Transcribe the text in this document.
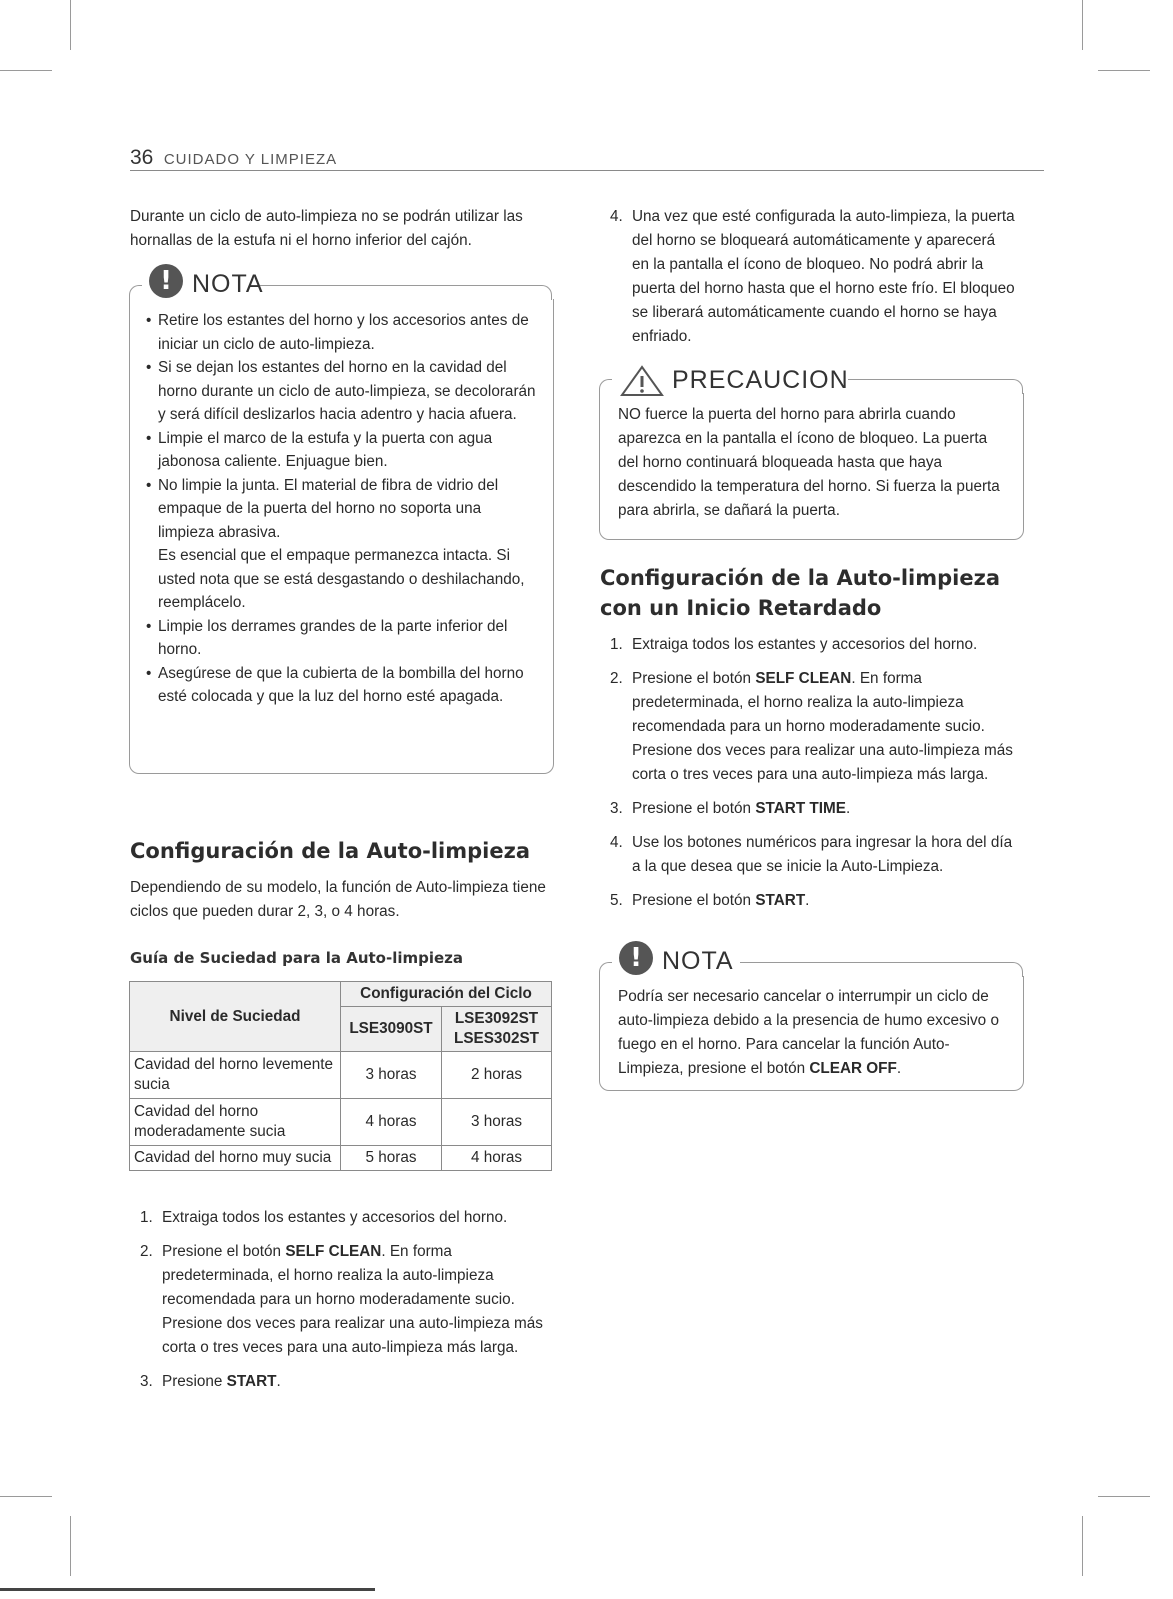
36 CUIDADO Y LIMPIEZA

Durante un ciclo de auto-limpieza no se podrán utilizar las hornallas de la estufa ni el horno inferior del cajón.

! NOTA
• Retire los estantes del horno y los accesorios antes de iniciar un ciclo de auto-limpieza.
• Si se dejan los estantes del horno en la cavidad del horno durante un ciclo de auto-limpieza, se decolorarán y será difícil deslizarlos hacia adentro y hacia afuera.
• Limpie el marco de la estufa y la puerta con agua jabonosa caliente. Enjuague bien.
• No limpie la junta. El material de fibra de vidrio del empaque de la puerta del horno no soporta una limpieza abrasiva.
Es esencial que el empaque permanezca intacta. Si usted nota que se está desgastando o deshilachando, reemplácelo.
• Limpie los derrames grandes de la parte inferior del horno.
• Asegúrese de que la cubierta de la bombilla del horno esté colocada y que la luz del horno esté apagada.
Configuración de la Auto-limpieza

Dependiendo de su modelo, la función de Auto-limpieza tiene ciclos que pueden durar 2, 3, o 4 horas.

Guía de Suciedad para la Auto-limpieza
Nivel de Suciedad	Configuración del Ciclo	
	LSE3090ST	LSE3092ST
LSES302ST

Cavidad del horno levemente sucia	3 horas	2 horas
Cavidad del horno moderadamente sucia	4 horas	3 horas
Cavidad del horno muy sucia	5 horas	4 horas
1. Extraiga todos los estantes y accesorios del horno.
2. Presione el botón SELF CLEAN. En forma predeterminada, el horno realiza la auto-limpieza recomendada para un horno moderadamente sucio. Presione dos veces para realizar una auto-limpieza más corta o tres veces para una auto-limpieza más larga.
3. Presione START.
4. Una vez que esté configurada la auto-limpieza, la puerta del horno se bloqueará automáticamente y aparecerá en la pantalla el ícono de bloqueo. No podrá abrir la puerta del horno hasta que el horno este frío. El bloqueo se liberará automáticamente cuando el horno se haya enfriado.
PRECAUCION

NO fuerce la puerta del horno para abrirla cuando aparezca en la pantalla el ícono de bloqueo. La puerta del horno continuará bloqueada hasta que haya descendido la temperatura del horno. Si fuerza la puerta para abrirla, se dañará la puerta.

Configuración de la Auto-limpieza
con un Inicio Retardado
1. Extraiga todos los estantes y accesorios del horno.
2. Presione el botón SELF CLEAN. En forma predeterminada, el horno realiza la auto-limpieza recomendada para un horno moderadamente sucio. Presione dos veces para realizar una auto-limpieza más corta o tres veces para una auto-limpieza más larga.
3. Presione el botón START TIME.
4. Use los botones numéricos para ingresar la hora del día a la que desea que se inicie la Auto-Limpieza.
5. Presione el botón START.
! NOTA

Podría ser necesario cancelar o interrumpir un ciclo de auto-limpieza debido a la presencia de humo excesivo o fuego en el horno. Para cancelar la función Auto-Limpieza, presione el botón CLEAR OFF.
